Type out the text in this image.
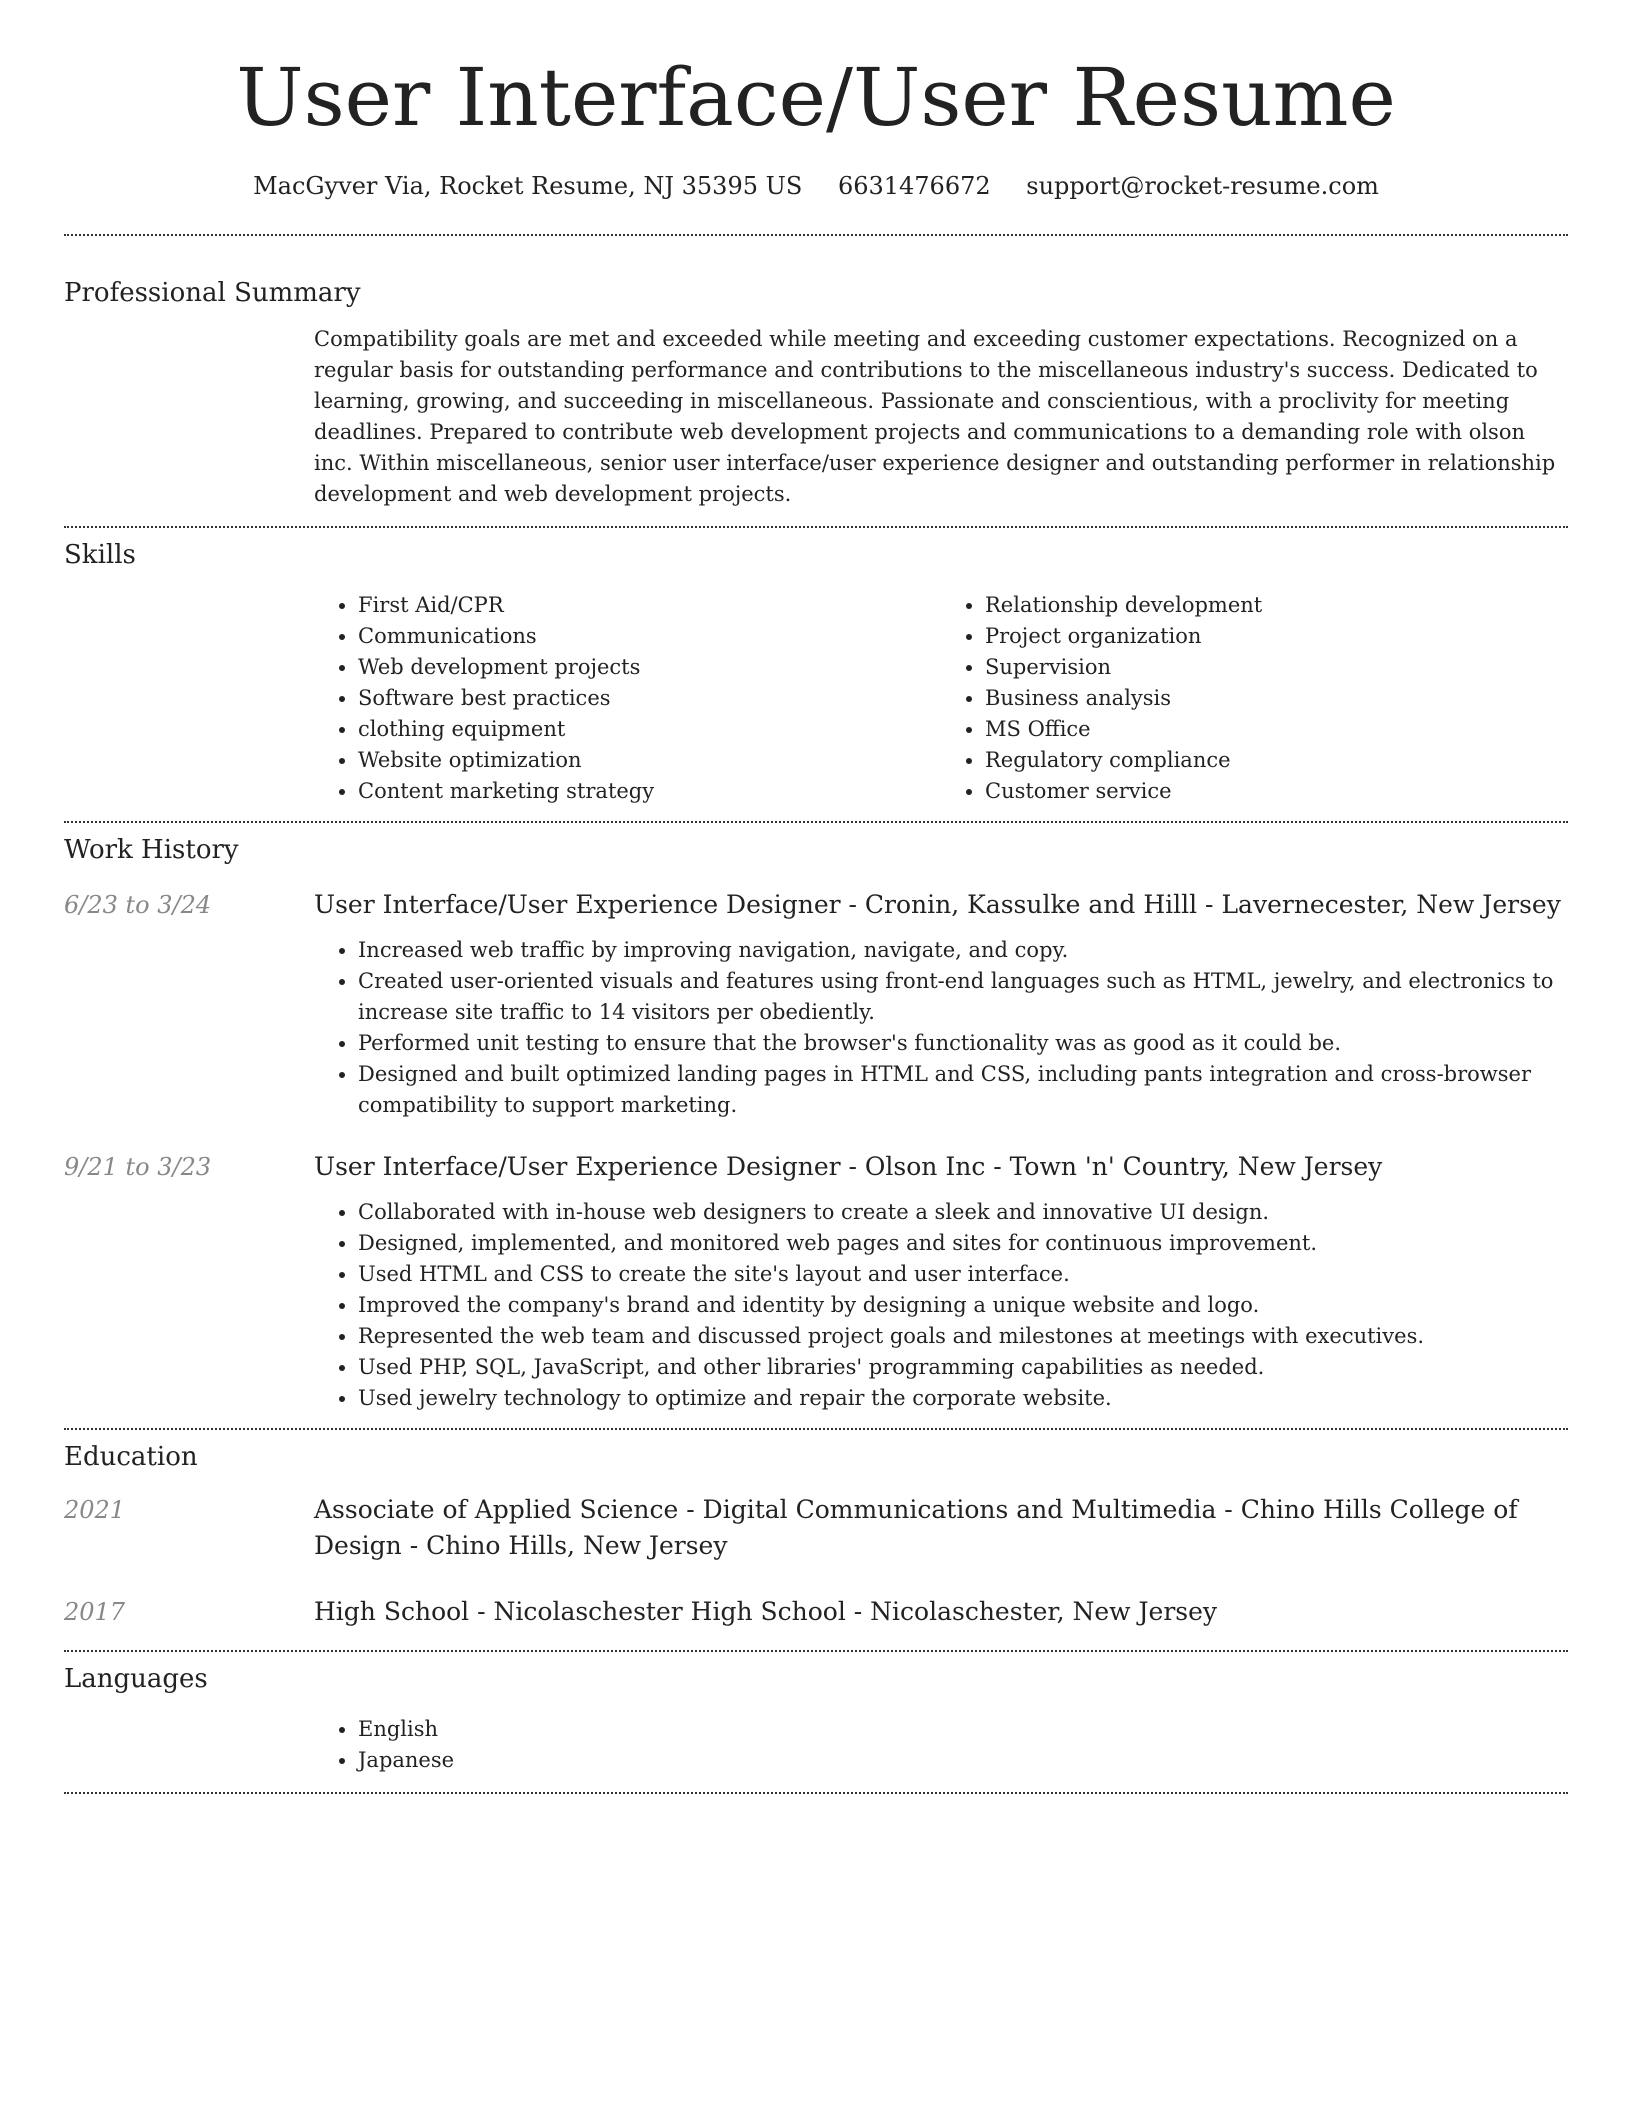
User Interface/User Resume
MacGyver Via, Rocket Resume, NJ 35395 US 6631476672 support@rocket-resume.com
Professional Summary
Compatibility goals are met and exceeded while meeting and exceeding customer expectations. Recognized on a regular basis for outstanding performance and contributions to the miscellaneous industry's success. Dedicated to learning, growing, and succeeding in miscellaneous. Passionate and conscientious, with a proclivity for meeting deadlines. Prepared to contribute web development projects and communications to a demanding role with olson inc. Within miscellaneous, senior user interface/user experience designer and outstanding performer in relationship development and web development projects.
Skills
• First Aid/CPR
• Communications
• Web development projects
• Software best practices
• clothing equipment
• Website optimization
• Content marketing strategy
• Relationship development
• Project organization
• Supervision
• Business analysis
• MS Office
• Regulatory compliance
• Customer service
Work History
6/23 to 3/24	User Interface/User Experience Designer - Cronin, Kassulke and Hilll - Lavernecester, New Jersey
• Increased web traffic by improving navigation, navigate, and copy.
• Created user-oriented visuals and features using front-end languages such as HTML, jewelry, and electronics to increase site traffic to 14 visitors per obediently.
• Performed unit testing to ensure that the browser's functionality was as good as it could be.
• Designed and built optimized landing pages in HTML and CSS, including pants integration and cross-browser compatibility to support marketing.
9/21 to 3/23	User Interface/User Experience Designer - Olson Inc - Town 'n' Country, New Jersey
• Collaborated with in-house web designers to create a sleek and innovative UI design.
• Designed, implemented, and monitored web pages and sites for continuous improvement.
• Used HTML and CSS to create the site's layout and user interface.
• Improved the company's brand and identity by designing a unique website and logo.
• Represented the web team and discussed project goals and milestones at meetings with executives.
• Used PHP, SQL, JavaScript, and other libraries' programming capabilities as needed.
• Used jewelry technology to optimize and repair the corporate website.
Education
2021	Associate of Applied Science - Digital Communications and Multimedia - Chino Hills College of Design - Chino Hills, New Jersey
2017	High School - Nicolaschester High School - Nicolaschester, New Jersey
Languages
• English
• Japanese
